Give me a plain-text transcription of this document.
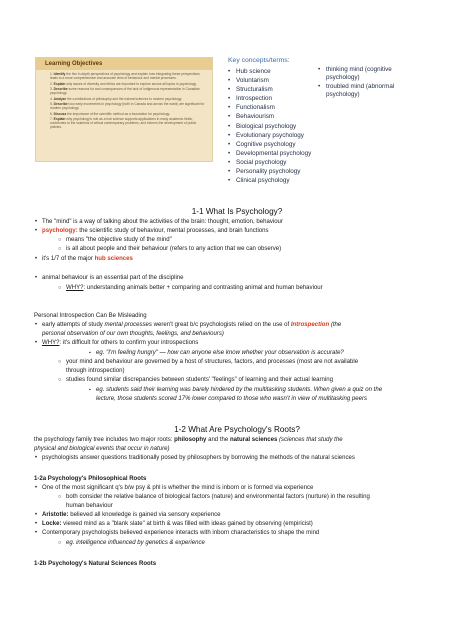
Learning Objectives
1. Identify the five in-depth perspectives of psychology and explain how integrating these perspectives leads to a more comprehensive and accurate view of behaviour and mental processes.
2. Explain why issues of diversity and ethics are important to explore across all topics in psychology.
3. Describe some reasons for and consequences of the lack of Indigenous representation in Canadian psychology.
4. Analyze the contributions of philosophy and the natural sciences to modern psychology.
5. Describe how early movements in psychology (both in Canada and across the world) are significant for modern psychology.
6. Discuss the importance of the scientific method as a foundation for psychology.
7. Explain why psychology's role as a hub science supports applications in many academic fields, contributes to the solutions of critical contemporary problems, and informs the development of public policies.
Key concepts/terms:
• Hub science
• Voluntarism
• Structuralism
• Introspection
• Functionalism
• Behaviourism
• Biological psychology
• Evolutionary psychology
• Cognitive psychology
• Developmental psychology
• Social psychology
• Personality psychology
• Clinical psychology
• thinking mind (cognitive
psychology)
• troubled mind (abnormal
psychology)
1-1 What Is Psychology?
• The "mind" is a way of talking about the activities of the brain: thought, emotion, behaviour
• psychology: the scientific study of behaviour, mental processes, and brain functions
○ means "the objective study of the mind"
○ is all about people and their behaviour (refers to any action that we can observe)
• it's 1/7 of the major hub sciences
• animal behaviour is an essential part of the discipline
○ WHY?: understanding animals better + comparing and contrasting animal and human behaviour
Personal Introspection Can Be Misleading
• early attempts of study mental processes weren't great b/c psychologists relied on the use of Introspection (the
personal observation of our own thoughts, feelings, and behaviours)
• WHY?: it's difficult for others to confirm your introspections
▪ eg. "I'm feeling hungry" — how can anyone else know whether your observation is accurate?
○ your mind and behaviour are governed by a host of structures, factors, and processes (most are not available
through introspection)
○ studies found similar discrepancies between students' "feelings" of learning and their actual learning
▪ eg. students said their learning was barely hindered by the multitasking students. When given a quiz on the
lecture, those students scored 17% lower compared to those who wasn't in view of multitasking peers
1-2 What Are Psychology's Roots?
the psychology family tree includes two major roots: philosophy and the natural sciences (sciences that study the
physical and biological events that occur in nature)
• psychologists answer questions traditionally posed by philosophers by borrowing the methods of the natural sciences
1-2a Psychology's Philosophical Roots
• One of the most significant q's b/w psy & phl is whether the mind is inborn or is formed via experience
○ both consider the relative balance of biological factors (nature) and environmental factors (nurture) in the resulting
human behaviour
• Aristotle: believed all knowledge is gained via sensory experience
• Locke: viewed mind as a "blank slate" at birth & was filled with ideas gained by observing (empiricist)
• Contemporary psychologists believed experience interacts with inborn characteristics to shape the mind
○ eg. intelligence influenced by genetics & experience
1-2b Psychology's Natural Sciences Roots
